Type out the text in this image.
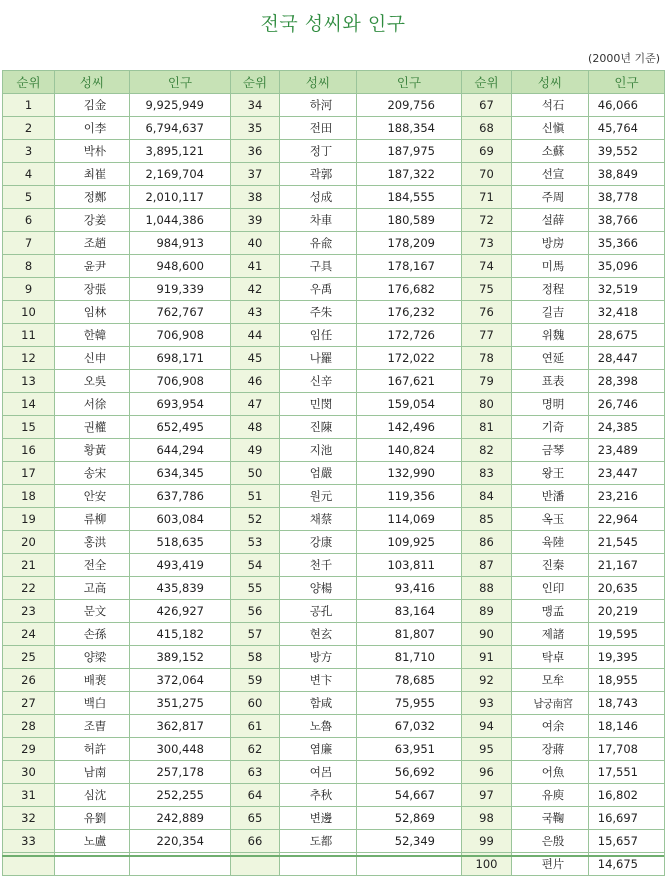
전국 성씨와 인구
(2000년 기준)
순위	성씨	인구	순위	성씨	인구	순위	성씨	인구
1	김金	9,925,949	34	하河	209,756	67	석石	46,066
2	이李	6,794,637	35	전田	188,354	68	신愼	45,764
3	박朴	3,895,121	36	정丁	187,975	69	소蘇	39,552
4	최崔	2,169,704	37	곽郭	187,322	70	선宣	38,849
5	정鄭	2,010,117	38	성成	184,555	71	주周	38,778
6	강姜	1,044,386	39	차車	180,589	72	설薛	38,766
7	조趙	984,913	40	유兪	178,209	73	방房	35,366
8	윤尹	948,600	41	구具	178,167	74	미馬	35,096
9	장張	919,339	42	우禹	176,682	75	정程	32,519
10	임林	762,767	43	주朱	176,232	76	길吉	32,418
11	한韓	706,908	44	임任	172,726	77	위魏	28,675
12	신申	698,171	45	나羅	172,022	78	연延	28,447
13	오吳	706,908	46	신辛	167,621	79	표表	28,398
14	서徐	693,954	47	민閔	159,054	80	명明	26,746
15	권權	652,495	48	진陳	142,496	81	기奇	24,385
16	황黃	644,294	49	지池	140,824	82	금琴	23,489
17	송宋	634,345	50	엄嚴	132,990	83	왕王	23,447
18	안安	637,786	51	원元	119,356	84	반潘	23,216
19	류柳	603,084	52	채蔡	114,069	85	옥玉	22,964
20	홍洪	518,635	53	강康	109,925	86	육陸	21,545
21	전全	493,419	54	천千	103,811	87	진秦	21,167
22	고高	435,839	55	양楊	93,416	88	인印	20,635
23	문文	426,927	56	공孔	83,164	89	맹孟	20,219
24	손孫	415,182	57	현玄	81,807	90	제諸	19,595
25	양梁	389,152	58	방方	81,710	91	탁卓	19,395
26	배裵	372,064	59	변卞	78,685	92	모牟	18,955
27	백白	351,275	60	함咸	75,955	93	남궁南宮	18,743
28	조曺	362,817	61	노魯	67,032	94	여余	18,146
29	허許	300,448	62	염廉	63,951	95	장蔣	17,708
30	남南	257,178	63	여呂	56,692	96	어魚	17,551
31	심沈	252,255	64	추秋	54,667	97	유庾	16,802
32	유劉	242,889	65	변邊	52,869	98	국鞠	16,697
33	노盧	220,354	66	도都	52,349	99	은殷	15,657
						100	편片	14,675
